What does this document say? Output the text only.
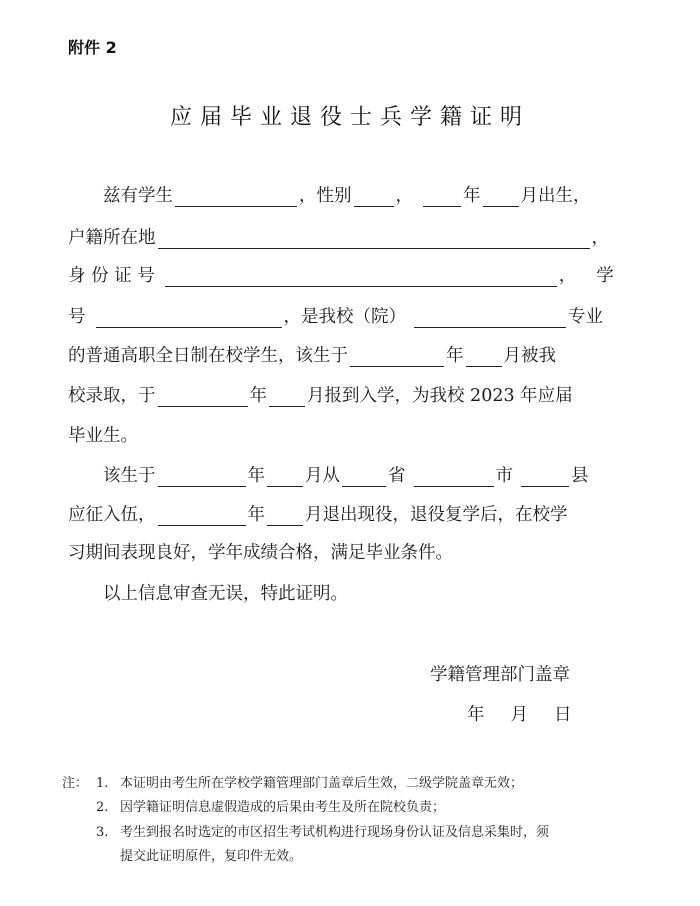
附件 2
应届毕业退役士兵学籍证明
兹有学生	，性别	，	年 月出生，
户籍所在地	，
身 份 证 号	， 学
号	，是我校（院）	专业
的普通高职全日制在校学生，该生于	年 月被我
校录取，于	年 月报到入学，为我校 2023 年应届
毕业生。
该生于	年 月从	省	市	县
应征入伍，	年 月退出现役，退役复学后，在校学
习期间表现良好，学年成绩合格，满足毕业条件。
以上信息审查无误，特此证明。
学籍管理部门盖章
年 月 日
注： 1. 本证明由考生所在学校学籍管理部门盖章后生效，二级学院盖章无效；
2. 因学籍证明信息虚假造成的后果由考生及所在院校负责；
3. 考生到报名时选定的市区招生考试机构进行现场身份认证及信息采集时，须
提交此证明原件，复印件无效。
